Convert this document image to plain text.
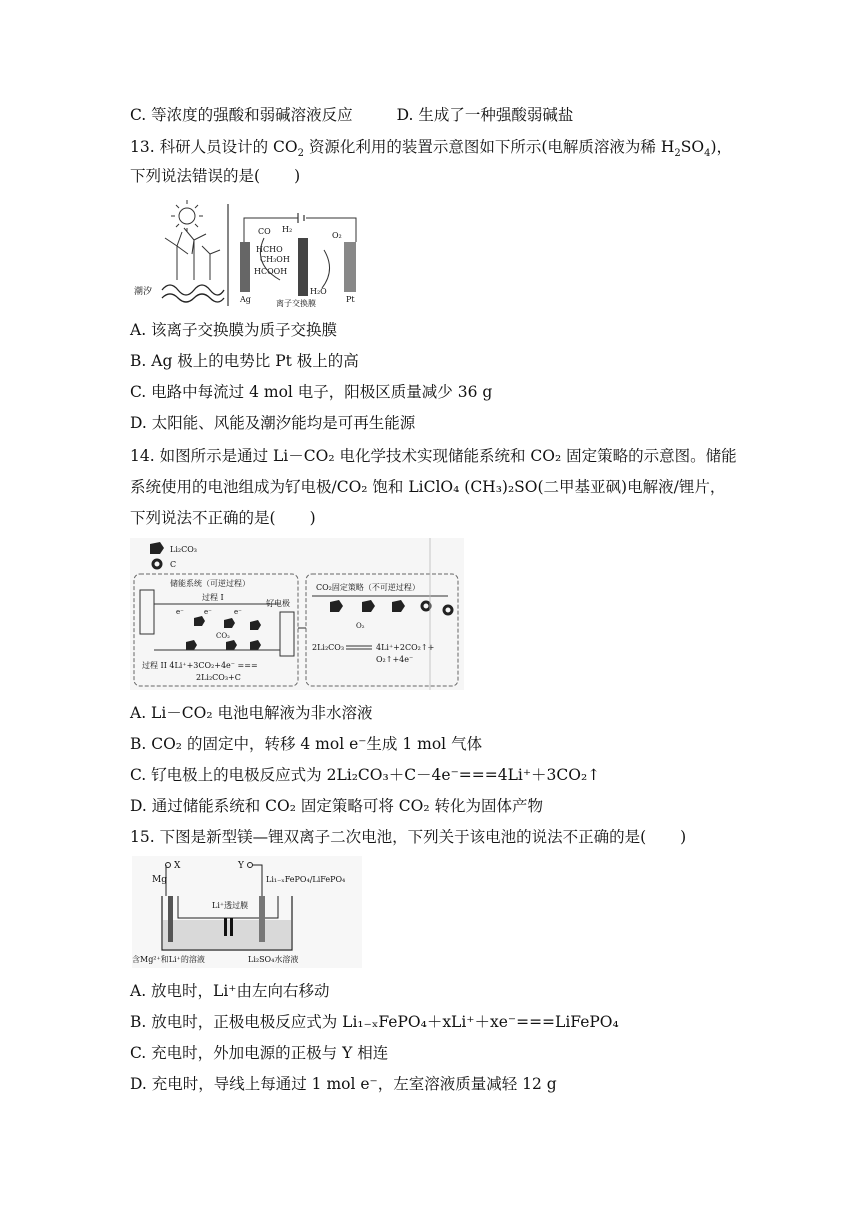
C. 等浓度的强酸和弱碱溶液反应	D. 生成了一种强酸弱碱盐
13. 科研人员设计的 $CO_2$ 资源化利用的装置示意图如下所示(电解质溶液为稀 $H_2SO_4$)，
下列说法错误的是( )
潮汐
CO H₂
O₂
HCHO
CH₃OH
HCOOH
H₂O
Ag	Pt
离子交换膜
A. 该离子交换膜为质子交换膜
B. Ag 极上的电势比 Pt 极上的高
C. 电路中每流过 4 mol 电子，阳极区质量减少 36 g
D. 太阳能、风能及潮汐能均是可再生能源
14. 如图所示是通过 Li－CO₂ 电化学技术实现储能系统和 CO₂ 固定策略的示意图。储能
系统使用的电池组成为钌电极/CO₂ 饱和 LiClO₄ (CH₃)₂SO(二甲基亚砜)电解液/锂片，
下列说法不正确的是( )
Li₂CO₃
C
储能系统（可逆过程）
过程 I
钌电极
e⁻	e⁻	e⁻
CO₂
过程 II 4Li⁺+3CO₂+4e⁻ ===
2Li₂CO₃+C
CO₂固定策略（不可逆过程）
O₂
2Li₂CO₃	4Li⁺+2CO₂↑+
O₂↑+4e⁻
A. Li－CO₂ 电池电解液为非水溶液
B. CO₂ 的固定中，转移 4 mol e⁻生成 1 mol 气体
C. 钌电极上的电极反应式为 2Li₂CO₃＋C－4e⁻===4Li⁺＋3CO₂↑
D. 通过储能系统和 CO₂ 固定策略可将 CO₂ 转化为固体产物
15. 下图是新型镁—锂双离子二次电池，下列关于该电池的说法不正确的是( )
X	Y
Mg	Li₁₋ₓFePO₄/LiFePO₄
Li⁺透过膜
含Mg²⁺和Li⁺的溶液	Li₂SO₄水溶液
A. 放电时，Li⁺由左向右移动
B. 放电时，正极电极反应式为 Li₁₋ₓFePO₄＋xLi⁺＋xe⁻===LiFePO₄
C. 充电时，外加电源的正极与 Y 相连
D. 充电时，导线上每通过 1 mol e⁻，左室溶液质量减轻 12 g
